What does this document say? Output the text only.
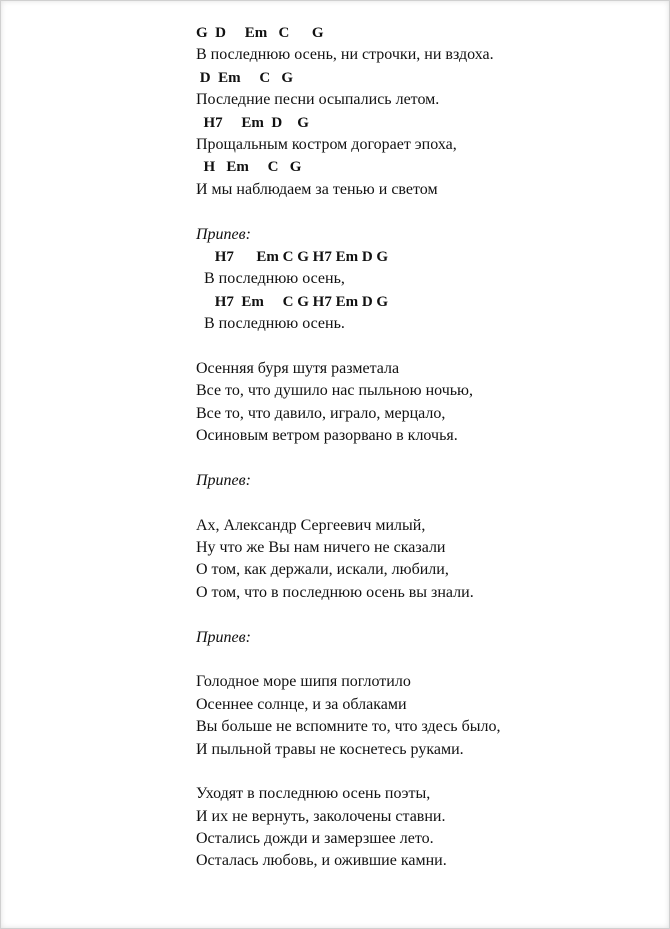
G  D     Em   C      G
В последнюю осень, ни строчки, ни вздоха.
D  Em     C   G
Последние песни осыпались летом.
H7     Em  D    G
Прощальным костром догорает эпоха,
H   Em     C   G
И мы наблюдаем за тенью и светом
Припев:
H7      Em C G H7 Em D G
В последнюю осень,
H7  Em     C G H7 Em D G
В последнюю осень.
Осенняя буря шутя разметала
Все то, что душило нас пыльною ночью,
Все то, что давило, играло, мерцало,
Осиновым ветром разорвано в клочья.
Припев:
Ах, Александр Сергеевич милый,
Ну что же Вы нам ничего не сказали
О том, как держали, искали, любили,
О том, что в последнюю осень вы знали.
Припев:
Голодное море шипя поглотило
Осеннее солнце, и за облаками
Вы больше не вспомните то, что здесь было,
И пыльной травы не коснетесь руками.
Уходят в последнюю осень поэты,
И их не вернуть, заколочены ставни.
Остались дожди и замерзшее лето.
Осталась любовь, и ожившие камни.
